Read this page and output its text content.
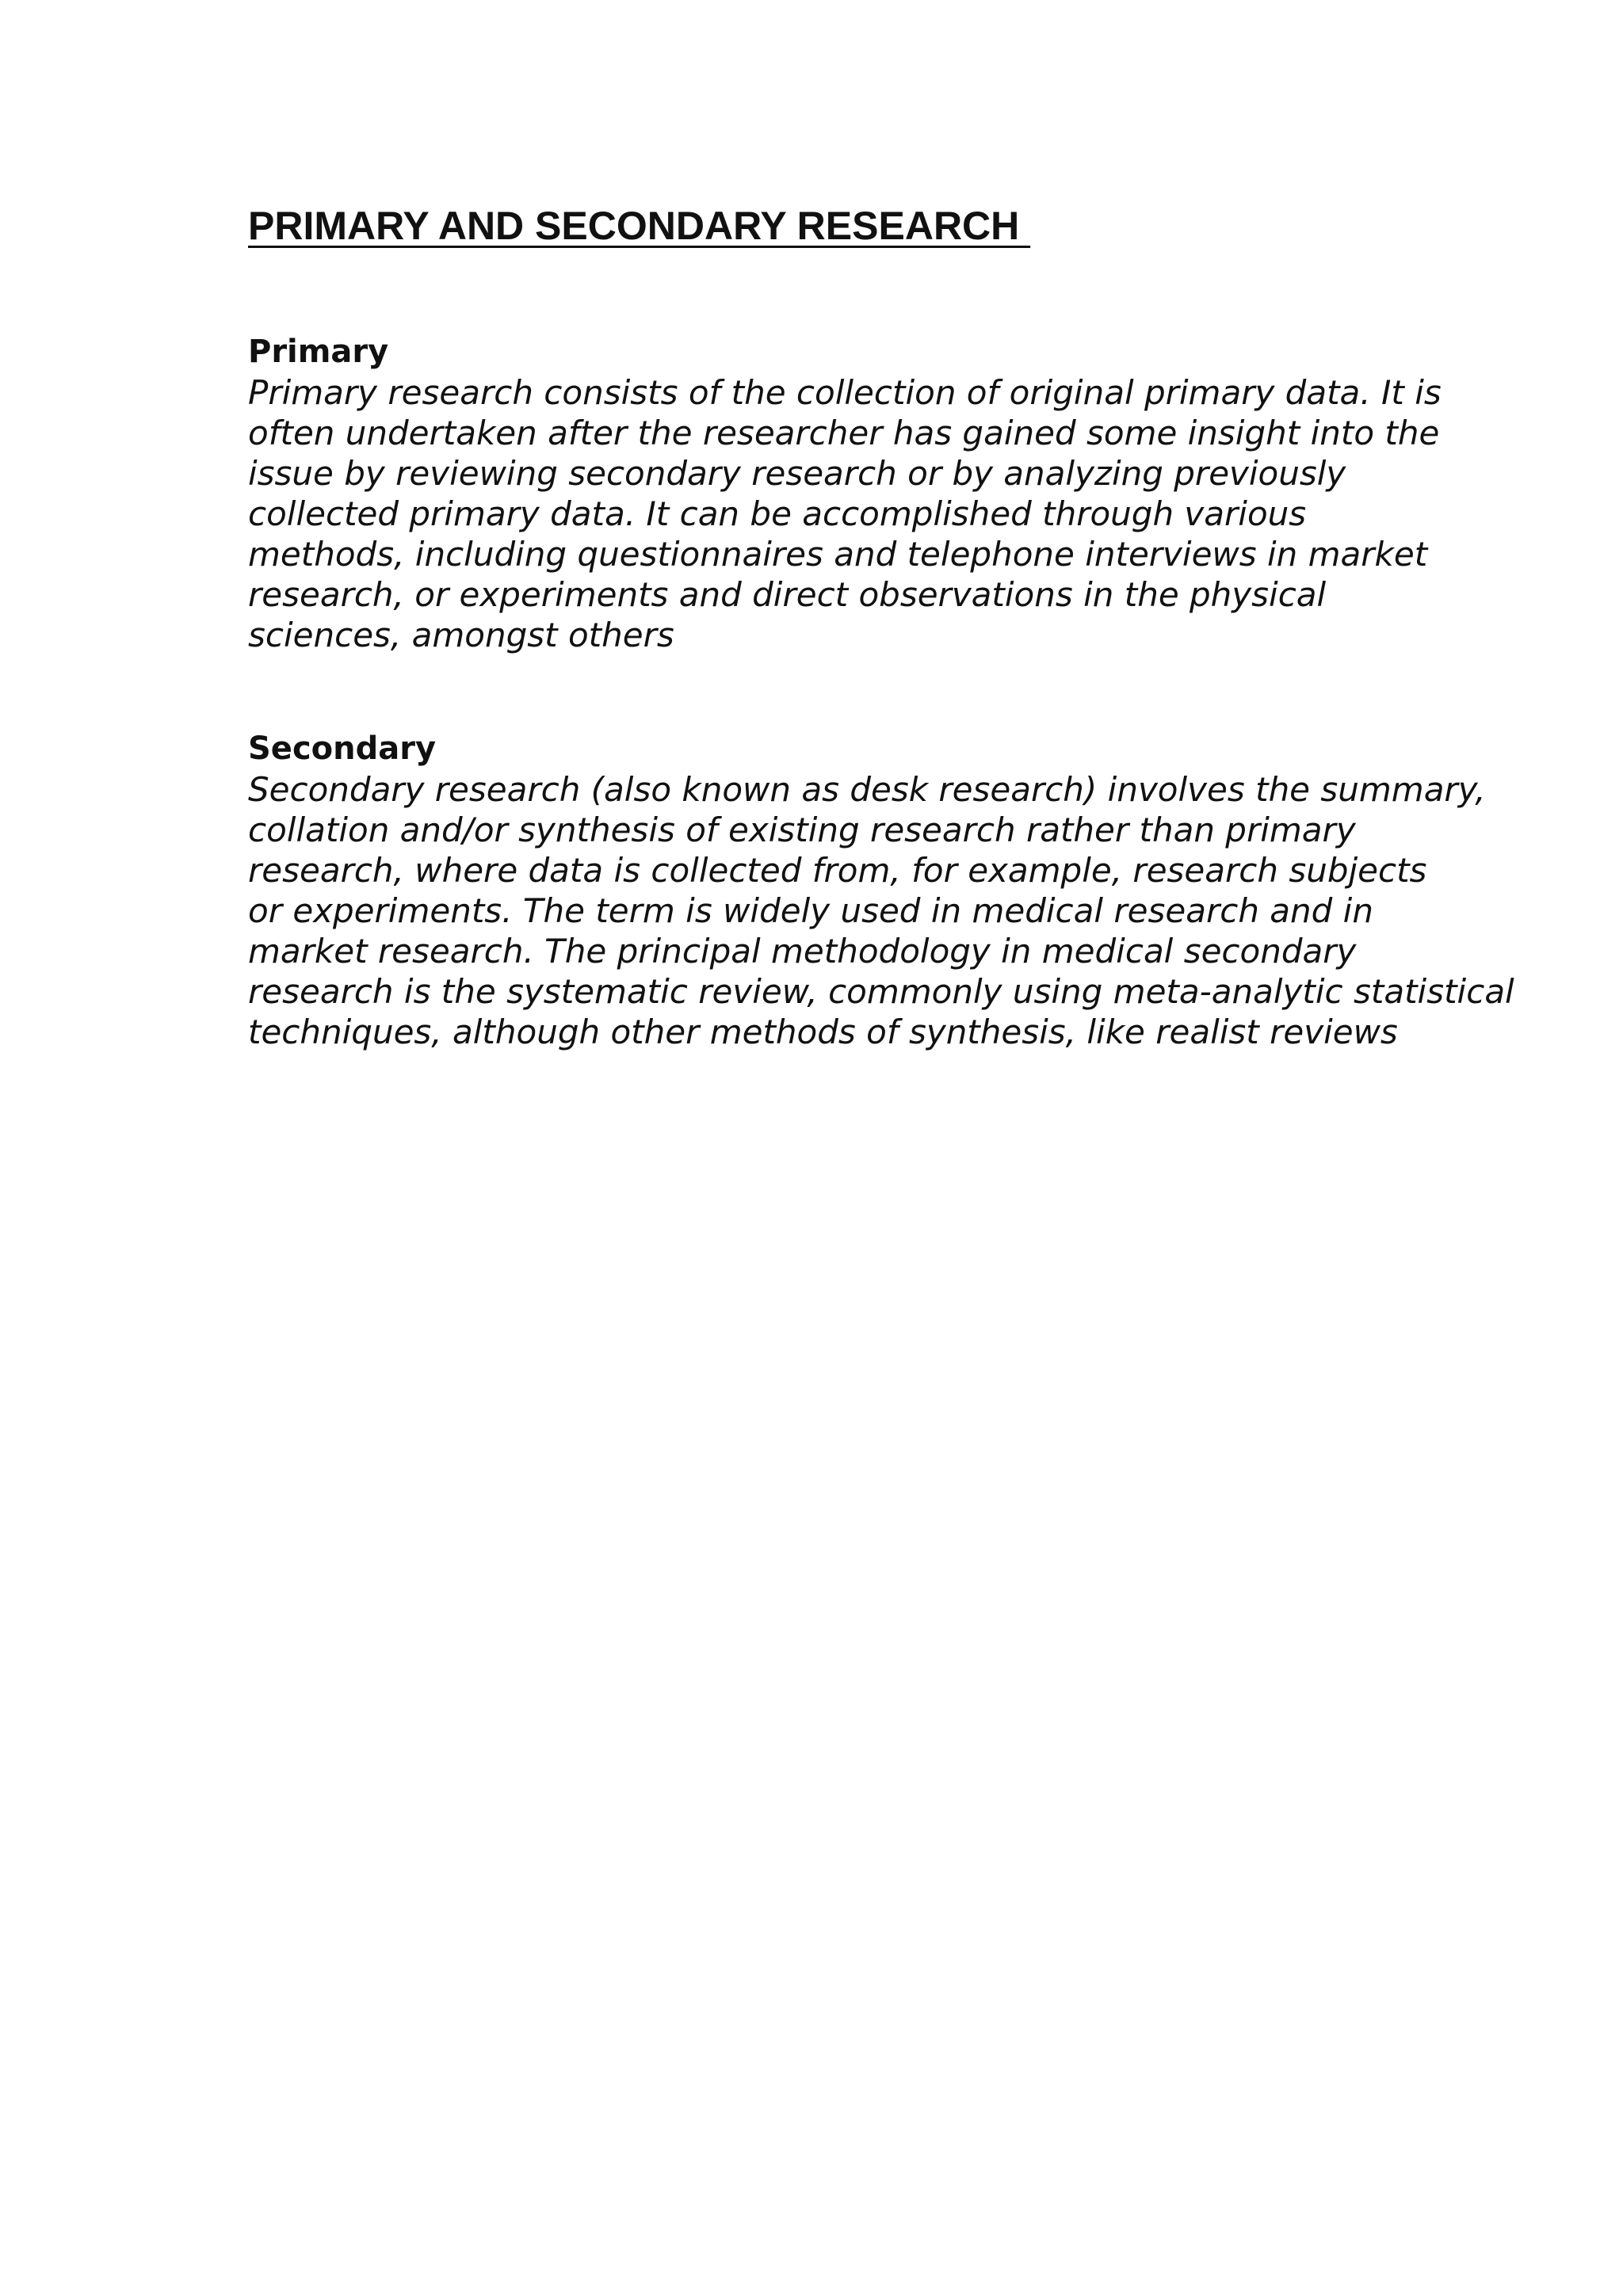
PRIMARY AND SECONDARY RESEARCH
Primary
Primary research consists of the collection of original primary data. It is
often undertaken after the researcher has gained some insight into the
issue by reviewing secondary research or by analyzing previously
collected primary data. It can be accomplished through various
methods, including questionnaires and telephone interviews in market
research, or experiments and direct observations in the physical
sciences, amongst others
Secondary
Secondary research (also known as desk research) involves the summary,
collation and/or synthesis of existing research rather than primary
research, where data is collected from, for example, research subjects
or experiments. The term is widely used in medical research and in
market research. The principal methodology in medical secondary
research is the systematic review, commonly using meta-analytic statistical
techniques, although other methods of synthesis, like realist reviews
